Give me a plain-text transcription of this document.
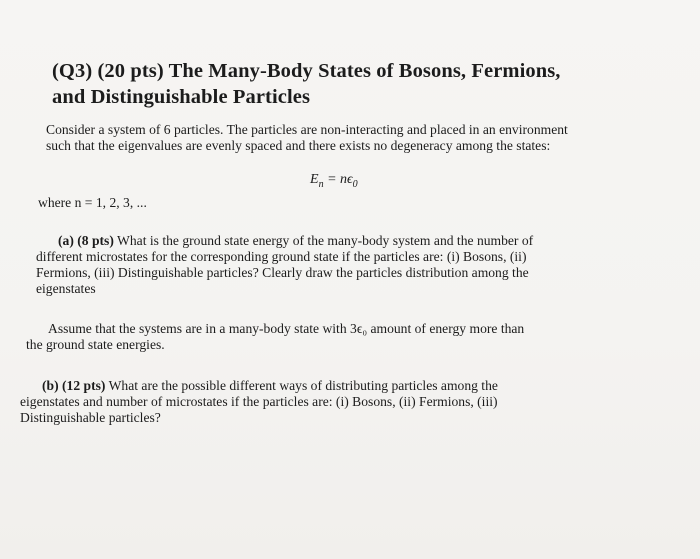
(Q3) (20 pts) The Many-Body States of Bosons, Fermions,
and Distinguishable Particles
Consider a system of 6 particles. The particles are non-interacting and placed in an environment
such that the eigenvalues are evenly spaced and there exists no degeneracy among the states:
$E_n = n\epsilon_0$
where n = 1, 2, 3, ...
(a) (8 pts) What is the ground state energy of the many-body system and the number of
different microstates for the corresponding ground state if the particles are: (i) Bosons, (ii)
Fermions, (iii) Distinguishable particles? Clearly draw the particles distribution among the
eigenstates
Assume that the systems are in a many-body state with 3ϵ₀ amount of energy more than
the ground state energies.
(b) (12 pts) What are the possible different ways of distributing particles among the
eigenstates and number of microstates if the particles are: (i) Bosons, (ii) Fermions, (iii)
Distinguishable particles?
